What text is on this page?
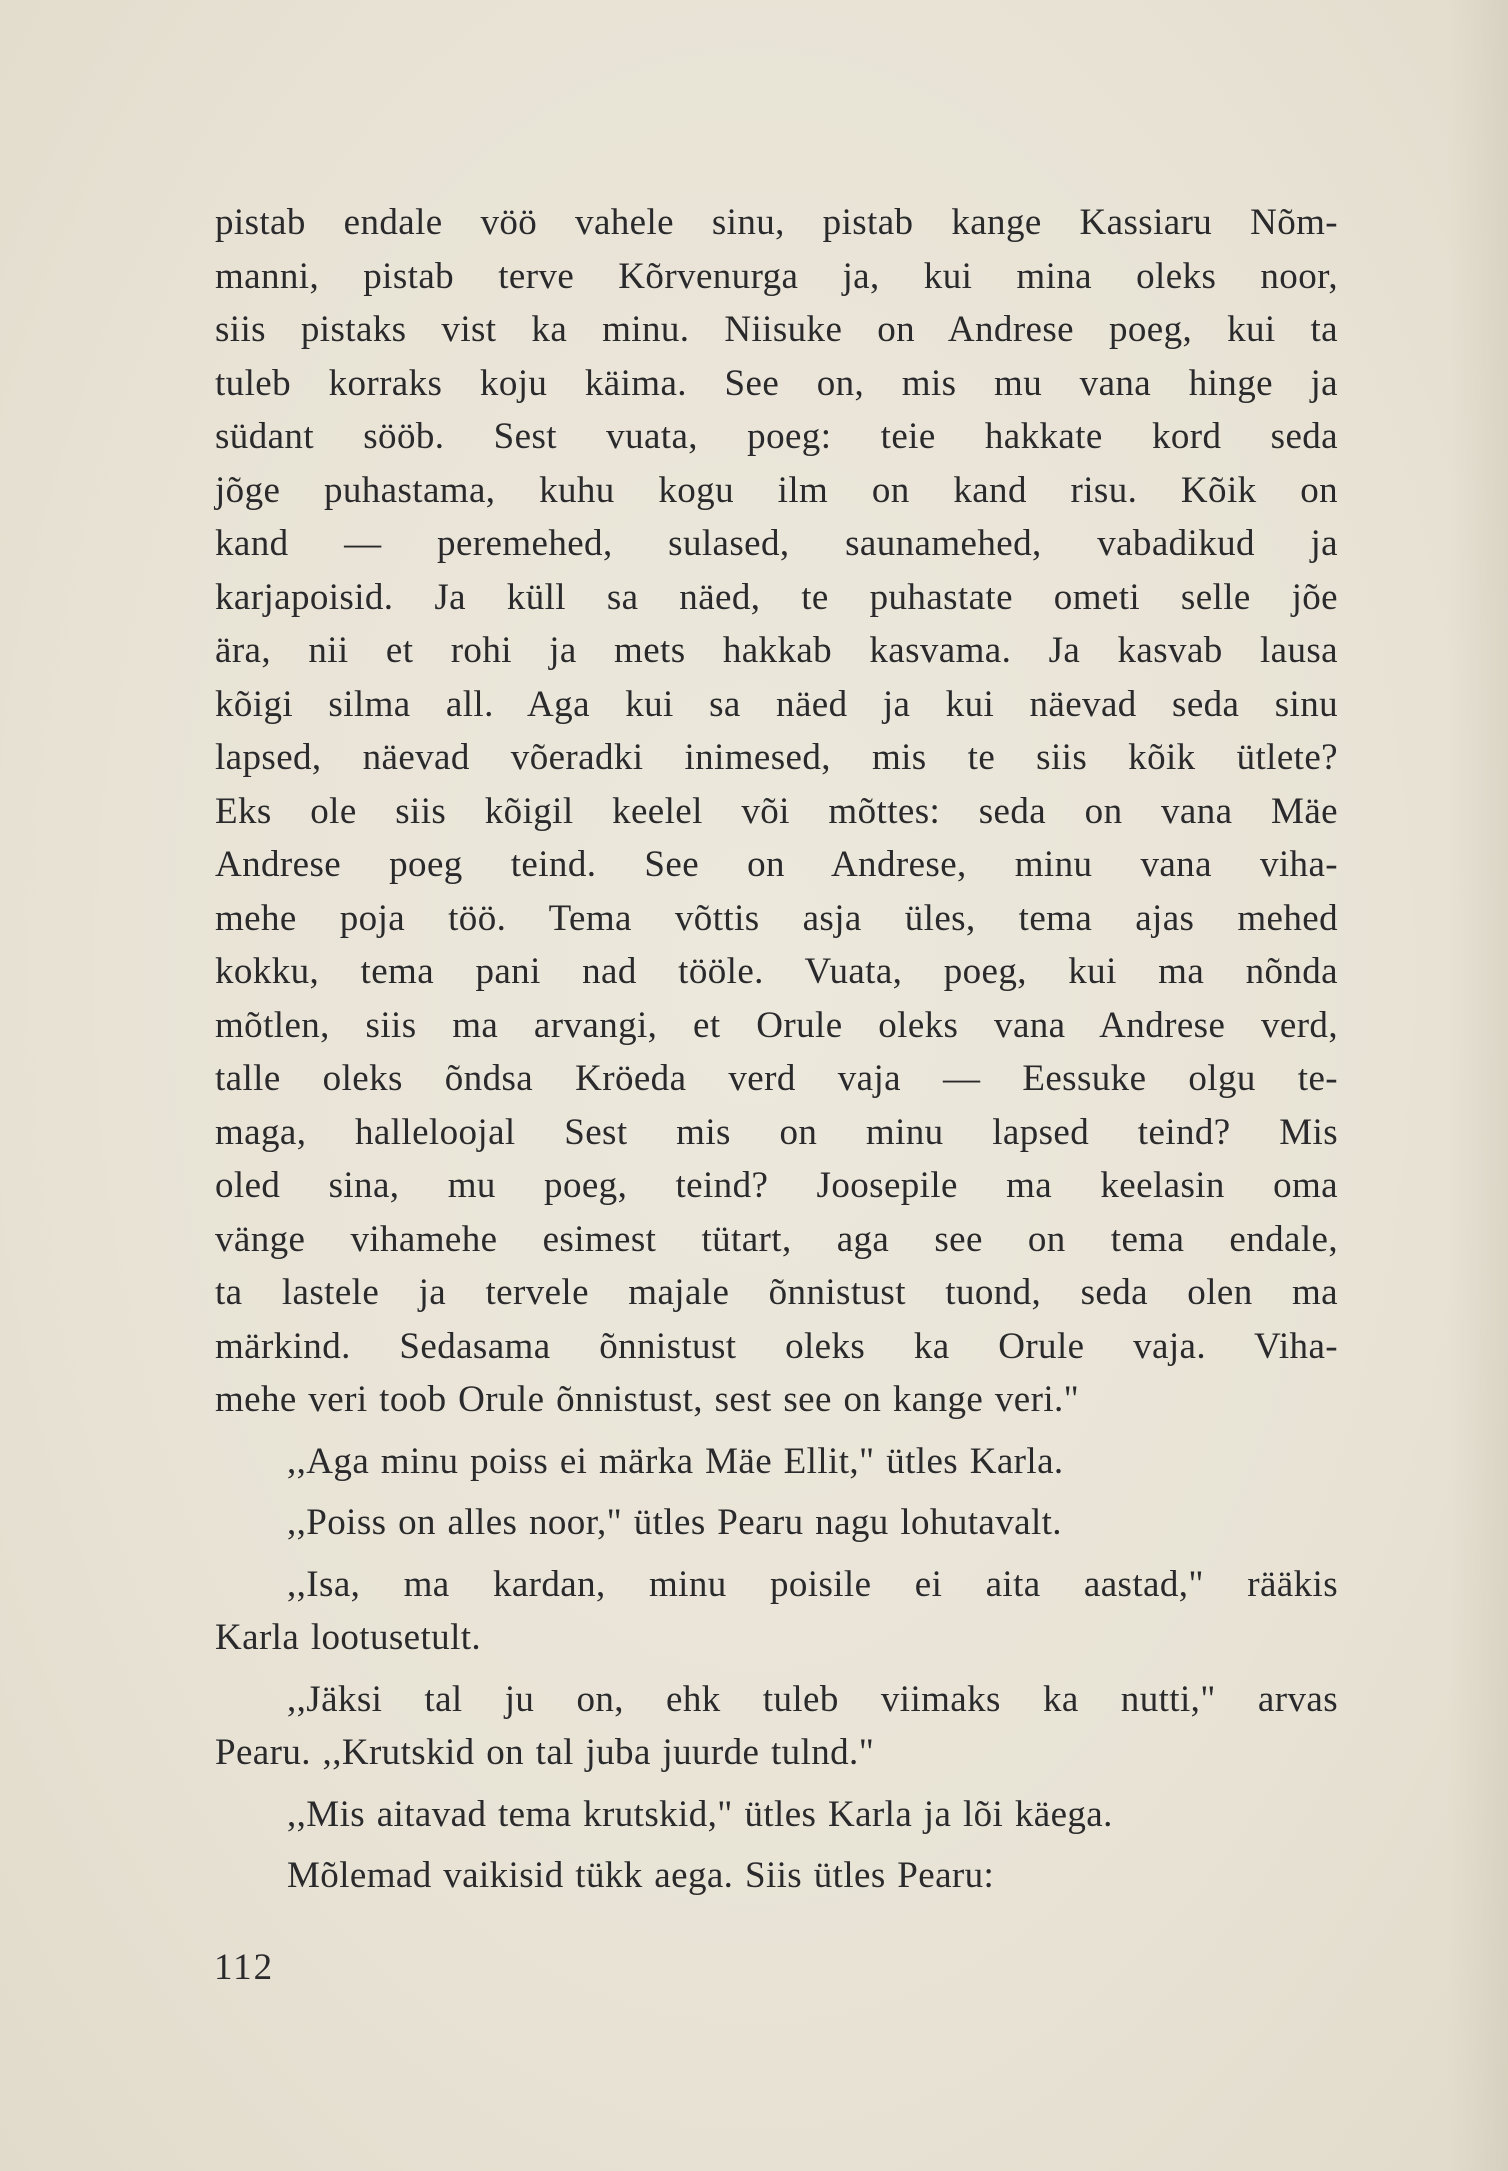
pistab endale vöö vahele sinu, pistab kange Kassiaru Nõm-
manni, pistab terve Kõrvenurga ja, kui mina oleks noor,
siis pistaks vist ka minu. Niisuke on Andrese poeg, kui ta
tuleb korraks koju käima. See on, mis mu vana hinge ja
südant sööb. Sest vuata, poeg: teie hakkate kord seda
jõge puhastama, kuhu kogu ilm on kand risu. Kõik on
kand — peremehed, sulased, saunamehed, vabadikud ja
karjapoisid. Ja küll sa näed, te puhastate ometi selle jõe
ära, nii et rohi ja mets hakkab kasvama. Ja kasvab lausa
kõigi silma all. Aga kui sa näed ja kui näevad seda sinu
lapsed, näevad võeradki inimesed, mis te siis kõik ütlete?
Eks ole siis kõigil keelel või mõttes: seda on vana Mäe
Andrese poeg teind. See on Andrese, minu vana viha-
mehe poja töö. Tema võttis asja üles, tema ajas mehed
kokku, tema pani nad tööle. Vuata, poeg, kui ma nõnda
mõtlen, siis ma arvangi, et Orule oleks vana Andrese verd,
talle oleks õndsa Kröeda verd vaja — Eessuke olgu te-
maga, halleloojal Sest mis on minu lapsed teind? Mis
oled sina, mu poeg, teind? Joosepile ma keelasin oma
vänge vihamehe esimest tütart, aga see on tema endale,
ta lastele ja tervele majale õnnistust tuond, seda olen ma
märkind. Sedasama õnnistust oleks ka Orule vaja. Viha-
mehe veri toob Orule õnnistust, sest see on kange veri."
,,Aga minu poiss ei märka Mäe Ellit," ütles Karla.
,,Poiss on alles noor," ütles Pearu nagu lohutavalt.
,,Isa, ma kardan, minu poisile ei aita aastad," rääkis
Karla lootusetult.
,,Jäksi tal ju on, ehk tuleb viimaks ka nutti," arvas
Pearu. ,,Krutskid on tal juba juurde tulnd."
,,Mis aitavad tema krutskid," ütles Karla ja lõi käega.
Mõlemad vaikisid tükk aega. Siis ütles Pearu:
112
